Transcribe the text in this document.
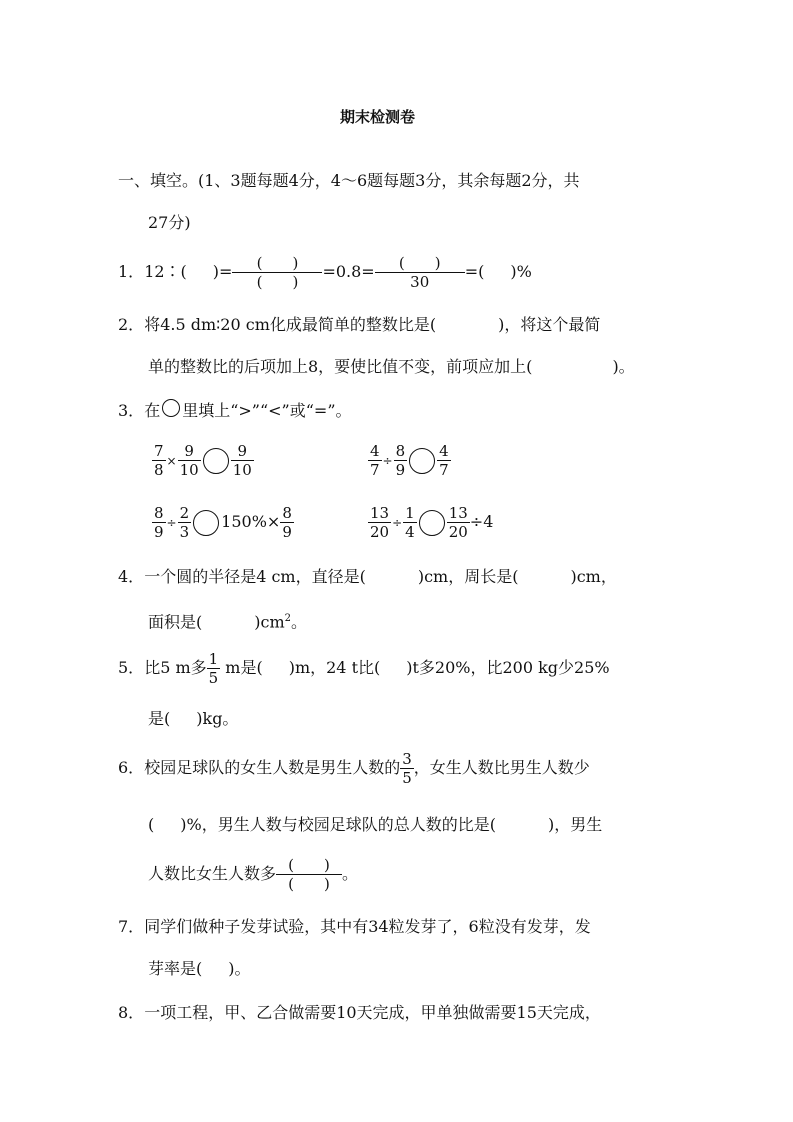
期末检测卷
一、填空。(1、3题每题4分，4～6题每题3分，其余每题2分，共
27分)
1．12∶( )= $\frac{( )}{( )} =0.8= \frac{( )}{30}$ =( )%
2．将4.5 dm∶20 cm化成最简单的整数比是(	)，将这个最简
单的整数比的后项加上8，要使比值不变，前项应加上(	)。
3．在 里填上“>”“<”或“=”。
$\frac{7}{8} \times \frac{9}{10} \frac{9}{10}$	$\frac{4}{7} \div \frac{8}{9} \frac{4}{7}$
$\frac{8}{9} \div \frac{2}{3} 150\%\times \frac{8}{9}$	$\frac{13}{20} \div \frac{1}{4} \frac{13}{20} \div 4$
4．一个圆的半径是4 cm，直径是(	)cm，周长是(	)cm，
面积是(	)$cm^2$。
5．比5 m多 $\frac{1}{5}$ m是( )m，24 t比( )t多20%，比200 kg少25%
是( )kg。
6．校园足球队的女生人数是男生人数的 $\frac{3}{5}$ ，女生人数比男生人数少
( )%，男生人数与校园足球队的总人数的比是(	)，男生
人数比女生人数多 $\frac{( )}{( )}$ 。
7．同学们做种子发芽试验，其中有34粒发芽了，6粒没有发芽，发
芽率是( )。
8．一项工程，甲、乙合做需要10天完成，甲单独做需要15天完成，
